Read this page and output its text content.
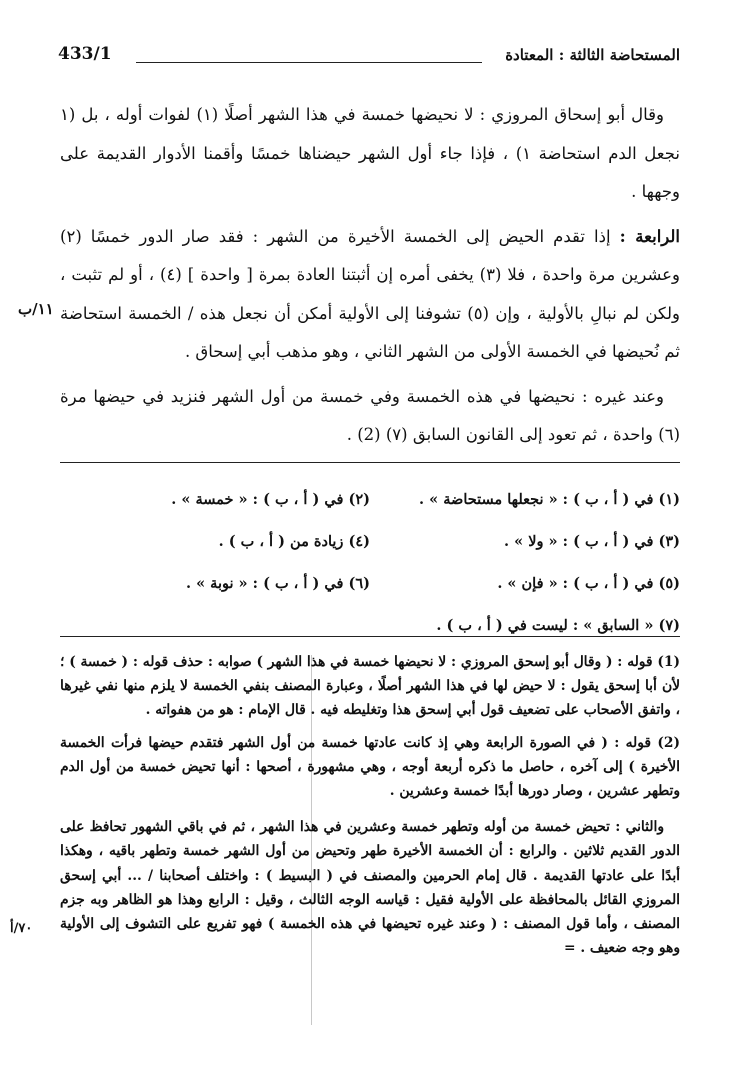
المستحاضة الثالثة : المعتادة
433/1

وقال أبو إسحاق المروزي : لا نحيضها خمسة في هذا الشهر أصلًا (١) لفوات أوله ، بل (١ نجعل الدم استحاضة ١) ، فإذا جاء أول الشهر حيضناها خمسًا وأقمنا الأدوار القديمة على وجهها .

الرابعة : إذا تقدم الحيض إلى الخمسة الأخيرة من الشهر : فقد صار الدور خمسًا (٢) وعشرين مرة واحدة ، فلا (٣) يخفى أمره إن أثبتنا العادة بمرة [ واحدة ] (٤) ، أو لم تثبت ، ولكن لم نبالِ بالأولية ، وإن (٥) تشوفنا إلى الأولية أمكن أن نجعل هذه / الخمسة استحاضة ثم نُحيضها في الخمسة الأولى من الشهر الثاني ، وهو مذهب أبي إسحاق .

وعند غيره : نحيضها في هذه الخمسة وفي خمسة من أول الشهر فنزيد في حيضها مرة (٦) واحدة ، ثم تعود إلى القانون السابق (٧) (2) .

١١/ب
(١) في ( أ ، ب ) : « نجعلها مستحاضة » .
(٢) في ( أ ، ب ) : « خمسة » .
(٣) في ( أ ، ب ) : « ولا » .
(٤) زيادة من ( أ ، ب ) .
(٥) في ( أ ، ب ) : « فإن » .
(٦) في ( أ ، ب ) : « نوبة » .
(٧) « السابق » : ليست في ( أ ، ب ) .

(1) قوله : ( وقال أبو إسحق المروزي : لا نحيضها خمسة في هذا الشهر ) صوابه : حذف قوله : ( خمسة ) ؛ لأن أبا إسحق يقول : لا حيض لها في هذا الشهر أصلًا ، وعبارة المصنف بنفي الخمسة لا يلزم منها نفي غيرها ، واتفق الأصحاب على تضعيف قول أبي إسحق هذا وتغليطه فيه . قال الإمام : هو من هفواته .

(2) قوله : ( في الصورة الرابعة وهي إذ كانت عادتها خمسة من أول الشهر فتقدم حيضها فرأت الخمسة الأخيرة ) إلى آخره ، حاصل ما ذكره أربعة أوجه ، وهي مشهورة ، أصحها : أنها تحيض خمسة من أول الدم وتطهر عشرين ، وصار دورها أبدًا خمسة وعشرين .

والثاني : تحيض خمسة من أوله وتطهر خمسة وعشرين في هذا الشهر ، ثم في باقي الشهور تحافظ على الدور القديم ثلاثين . والرابع : أن الخمسة الأخيرة طهر وتحيض من أول الشهر خمسة وتطهر باقيه ، وهكذا أبدًا على عادتها القديمة . قال إمام الحرمين والمصنف في ( البسيط ) : واختلف أصحابنا / ... أبي إسحق المروزي القائل بالمحافظة على الأولية فقيل : قياسه الوجه الثالث ، وقيل : الرابع وهذا هو الظاهر وبه جزم المصنف ، وأما قول المصنف : ( وعند غيره تحيضها في هذه الخمسة ) فهو تفريع على التشوف إلى الأولية وهو وجه ضعيف . =

٧٠/أ
